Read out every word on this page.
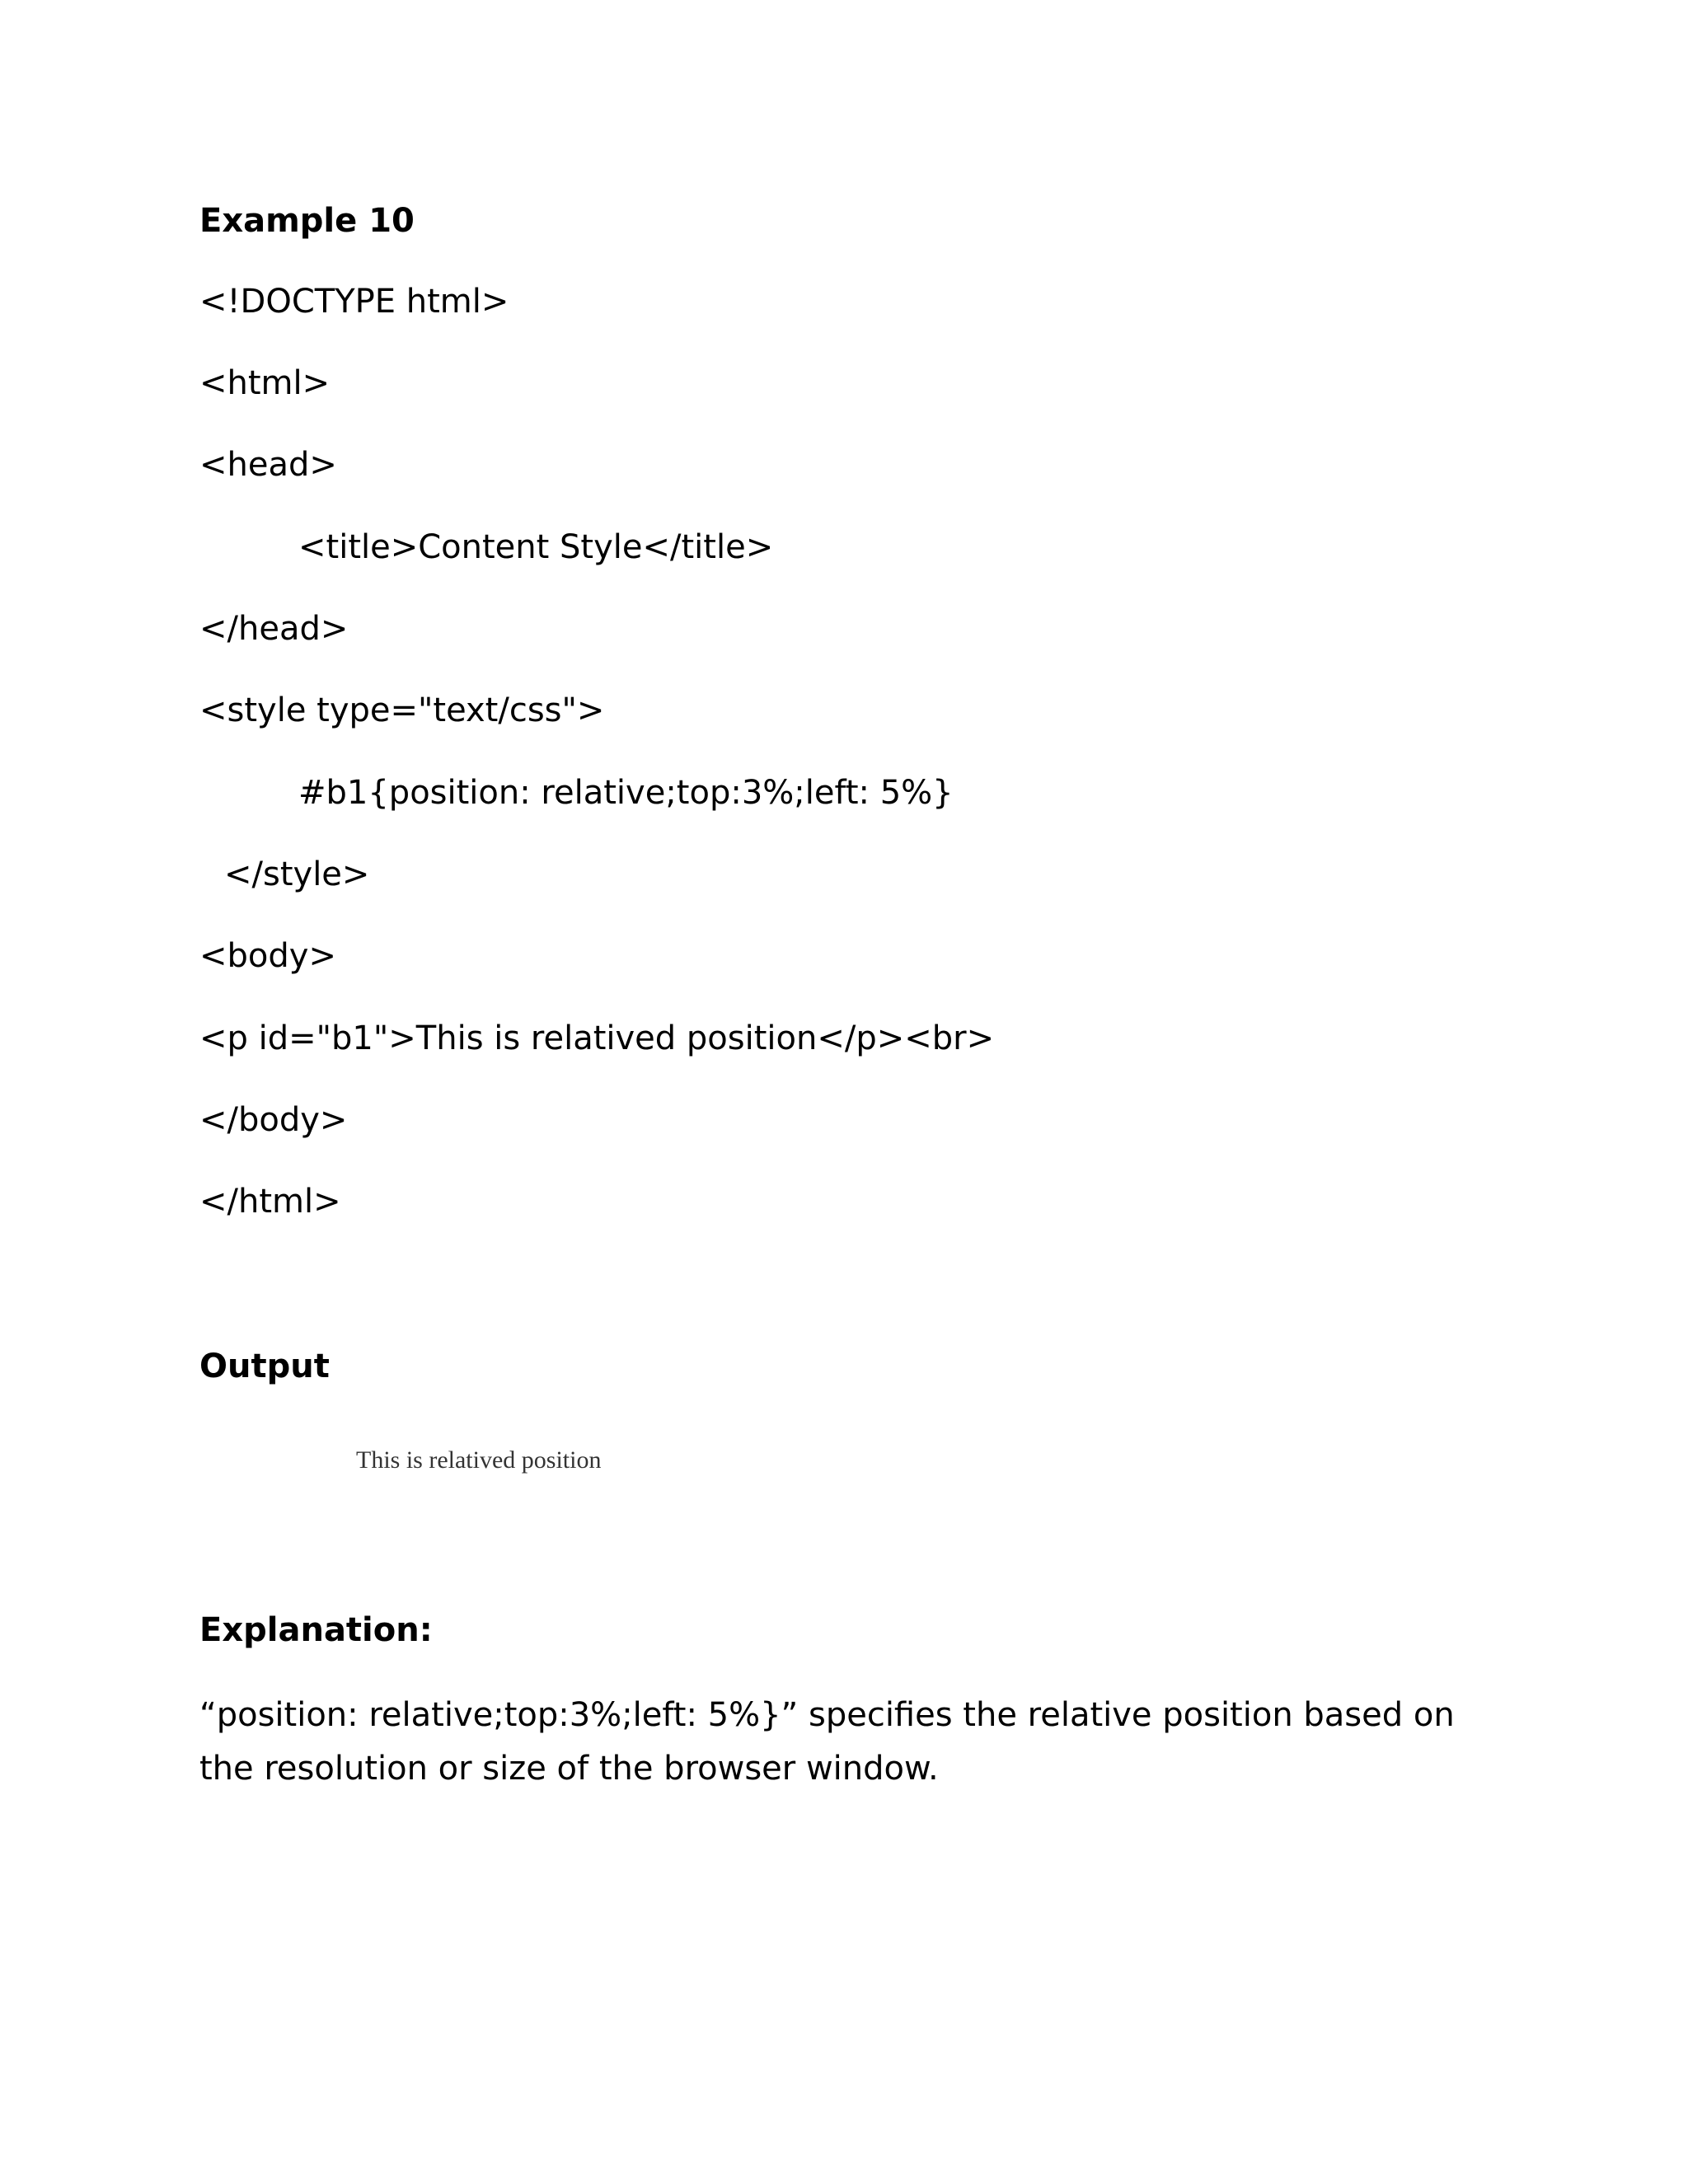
Example 10
<!DOCTYPE html>
<html>
<head>
<title>Content Style</title>
</head>
<style type="text/css">
#b1{position: relative;top:3%;left: 5%}
</style>
<body>
<p id="b1">This is relatived position</p><br>
</body>
</html>
Output
This is relatived position
Explanation:
“position: relative;top:3%;left: 5%}” specifies the relative position based on the resolution or size of the browser window.
